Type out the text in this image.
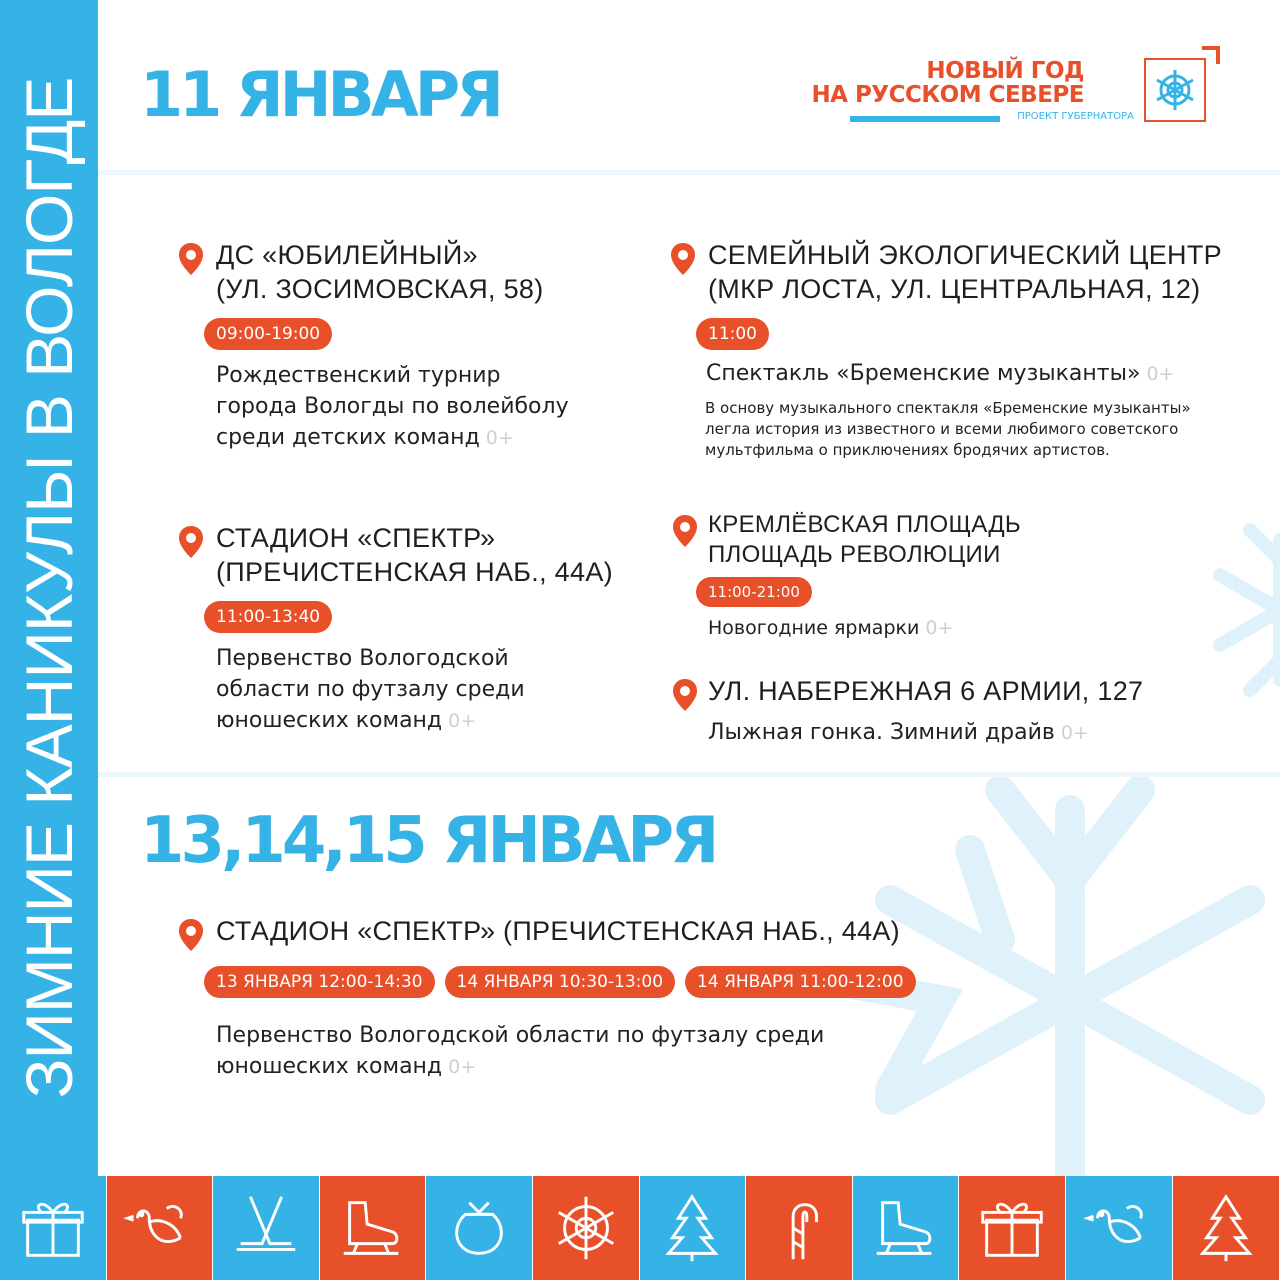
ЗИМНИЕ КАНИКУЛЫ В ВОЛОГДЕ 11 ЯНВАРЯ	НОВЫЙ ГОД
НА РУССКОМ СЕВЕРЕ
ПРОЕКТ ГУБЕРНАТОРА
ДС «ЮБИЛЕЙНЫЙ»
(УЛ. ЗОСИМОВСКАЯ, 58)
09:00-19:00
Рождественский турнир
города Вологды по волейболу
среди детских команд 0+
СТАДИОН «СПЕКТР»
(ПРЕЧИСТЕНСКАЯ НАБ., 44А)
11:00-13:40
Первенство Вологодской
области по футзалу среди
юношеских команд 0+
СЕМЕЙНЫЙ ЭКОЛОГИЧЕСКИЙ ЦЕНТР
(МКР ЛОСТА, УЛ. ЦЕНТРАЛЬНАЯ, 12)
11:00
Спектакль «Бременские музыканты» 0+
В основу музыкального спектакля «Бременские музыканты»
легла история из известного и всеми любимого советского
мультфильма о приключениях бродячих артистов.
КРЕМЛЁВСКАЯ ПЛОЩАДЬ
ПЛОЩАДЬ РЕВОЛЮЦИИ
11:00-21:00
Новогодние ярмарки 0+
УЛ. НАБЕРЕЖНАЯ 6 АРМИИ, 127
Лыжная гонка. Зимний драйв 0+
13,14,15 ЯНВАРЯ
СТАДИОН «СПЕКТР» (ПРЕЧИСТЕНСКАЯ НАБ., 44А)
13 ЯНВАРЯ 12:00-14:30	14 ЯНВАРЯ 10:30-13:00	14 ЯНВАРЯ 11:00-12:00
Первенство Вологодской области по футзалу среди
юношеских команд 0+
